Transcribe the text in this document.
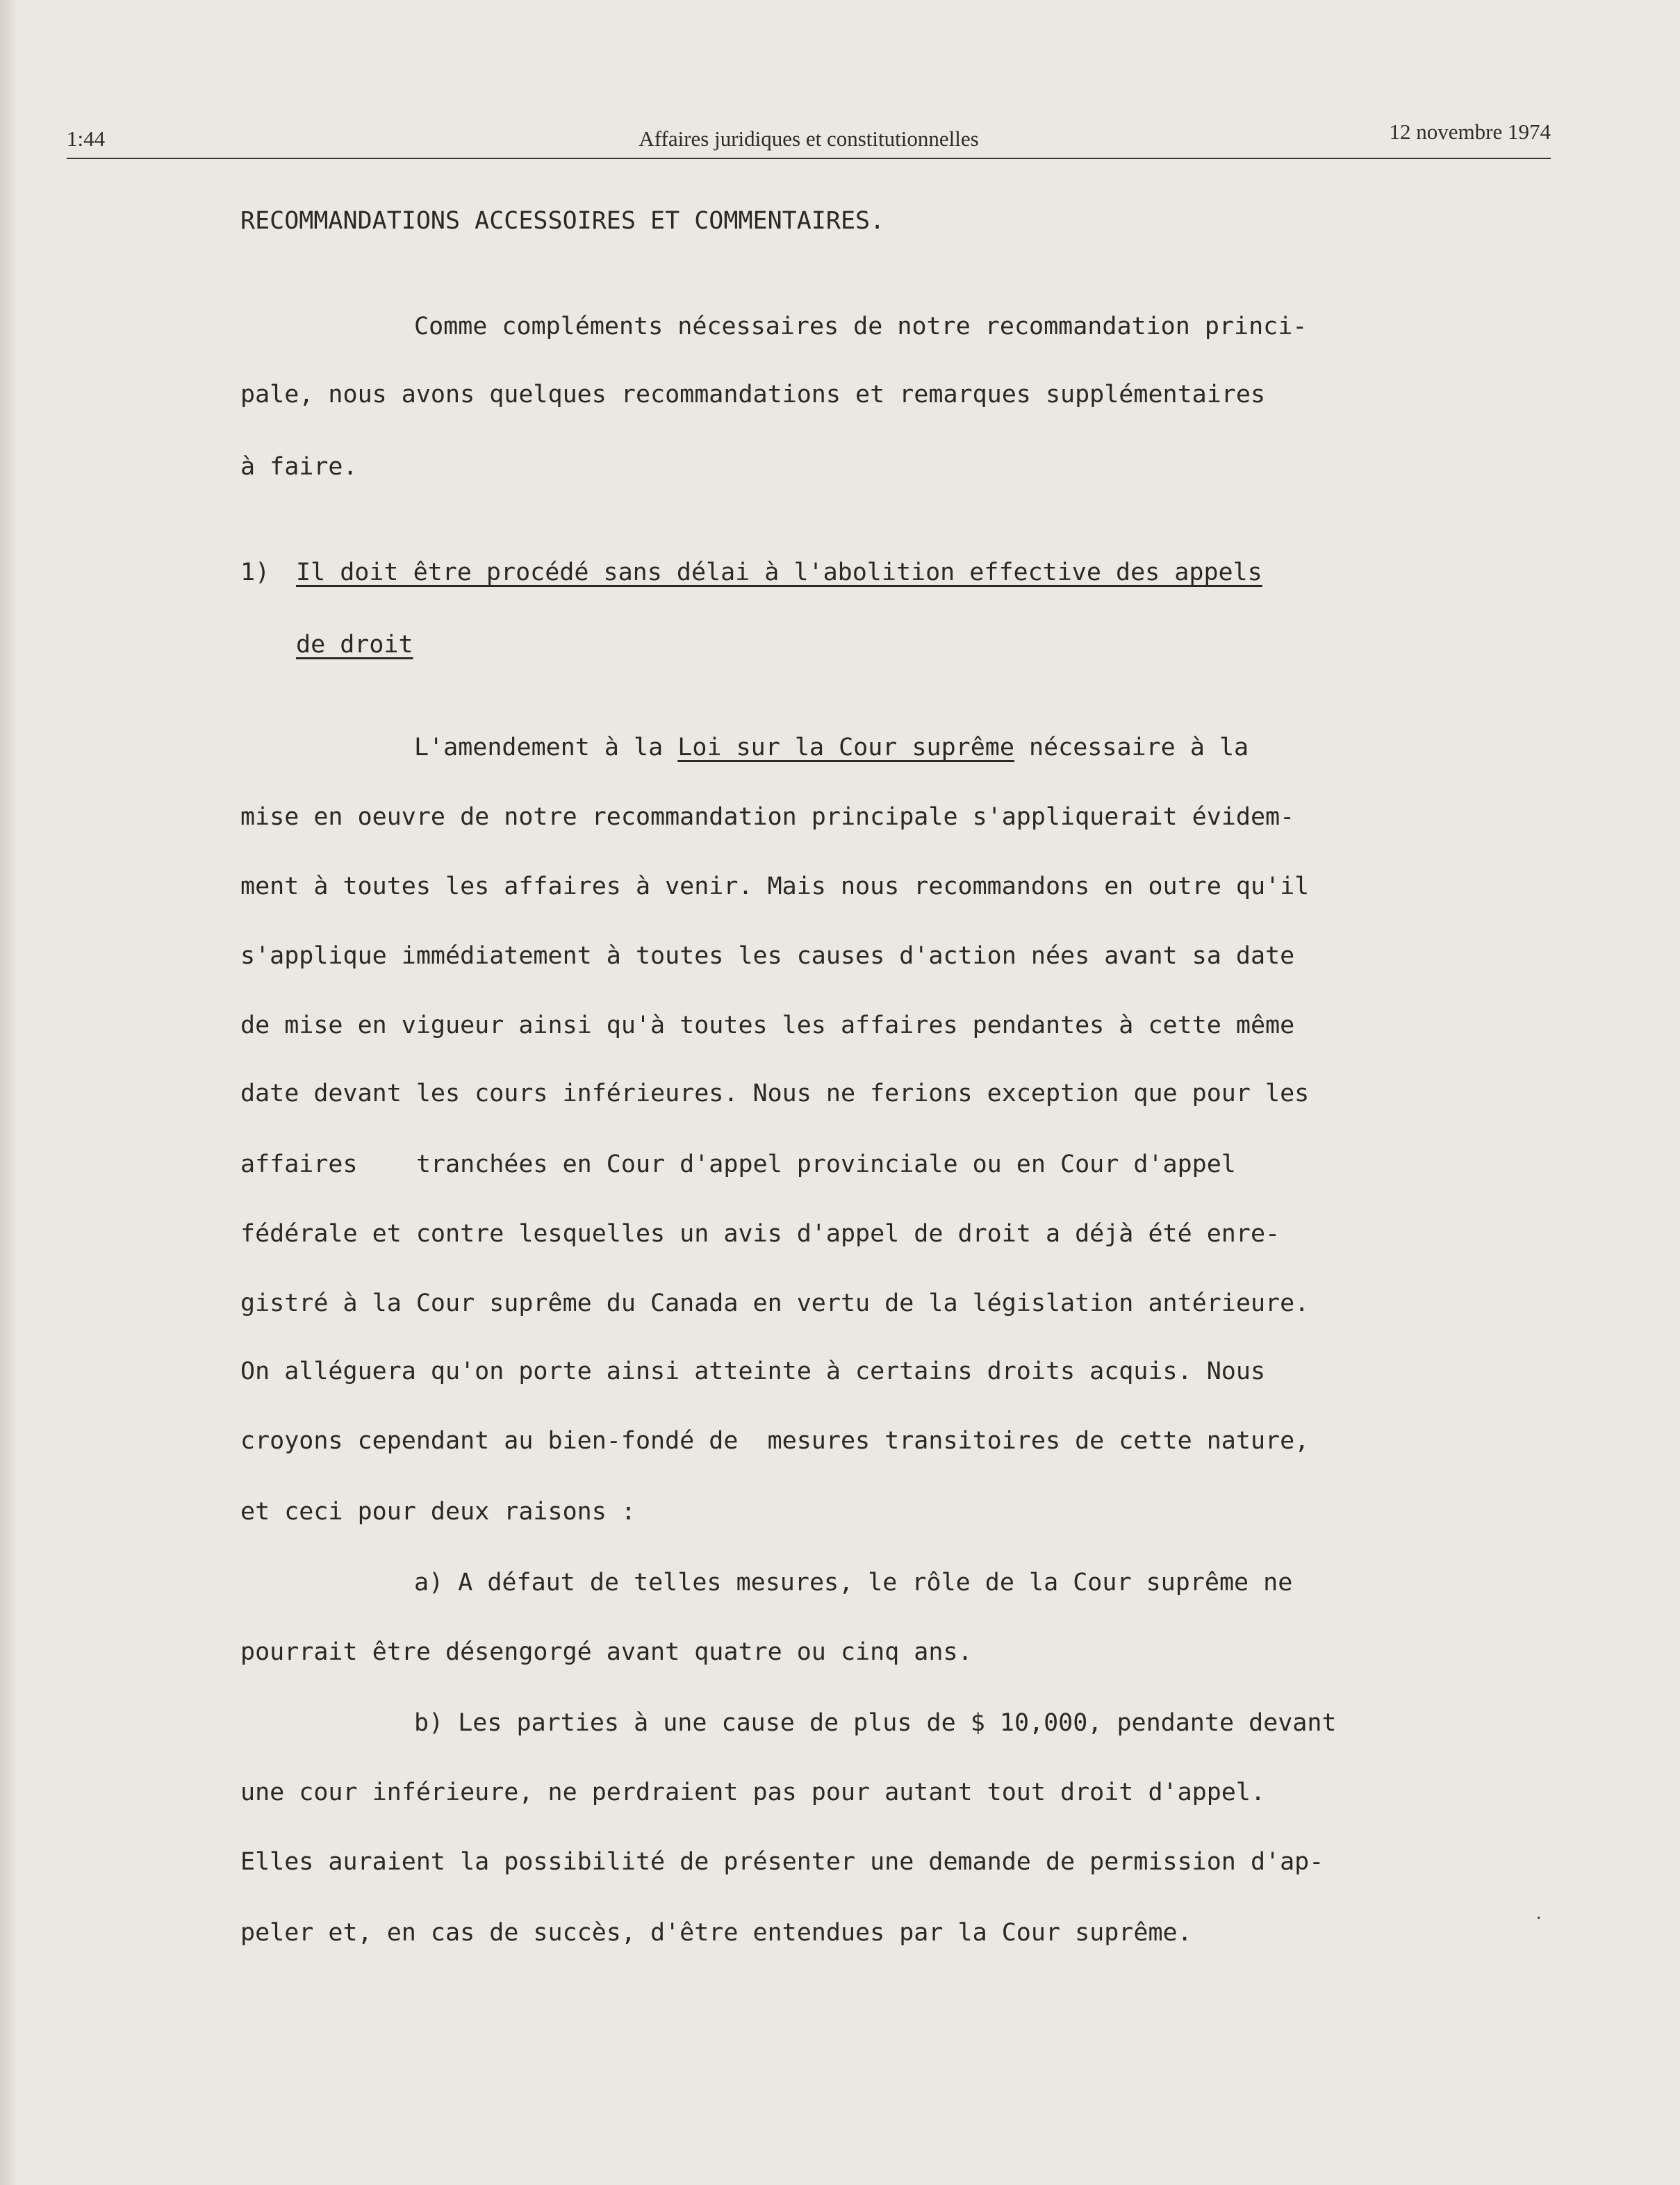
1:44	Affaires juridiques et constitutionnelles	12 novembre 1974
RECOMMANDATIONS ACCESSOIRES ET COMMENTAIRES.
Comme compléments nécessaires de notre recommandation princi-
pale, nous avons quelques recommandations et remarques supplémentaires
à faire.
1) Il doit être procédé sans délai à l'abolition effective des appels
de droit
L'amendement à la Loi sur la Cour suprême nécessaire à la
mise en oeuvre de notre recommandation principale s'appliquerait évidem-
ment à toutes les affaires à venir. Mais nous recommandons en outre qu'il
s'applique immédiatement à toutes les causes d'action nées avant sa date
de mise en vigueur ainsi qu'à toutes les affaires pendantes à cette même
date devant les cours inférieures. Nous ne ferions exception que pour les
affaires    tranchées en Cour d'appel provinciale ou en Cour d'appel
fédérale et contre lesquelles un avis d'appel de droit a déjà été enre-
gistré à la Cour suprême du Canada en vertu de la législation antérieure.
On alléguera qu'on porte ainsi atteinte à certains droits acquis. Nous
croyons cependant au bien-fondé de  mesures transitoires de cette nature,
et ceci pour deux raisons :
a) A défaut de telles mesures, le rôle de la Cour suprême ne
pourrait être désengorgé avant quatre ou cinq ans.
b) Les parties à une cause de plus de $ 10,000, pendante devant
une cour inférieure, ne perdraient pas pour autant tout droit d'appel.
Elles auraient la possibilité de présenter une demande de permission d'ap-
peler et, en cas de succès, d'être entendues par la Cour suprême.
·
